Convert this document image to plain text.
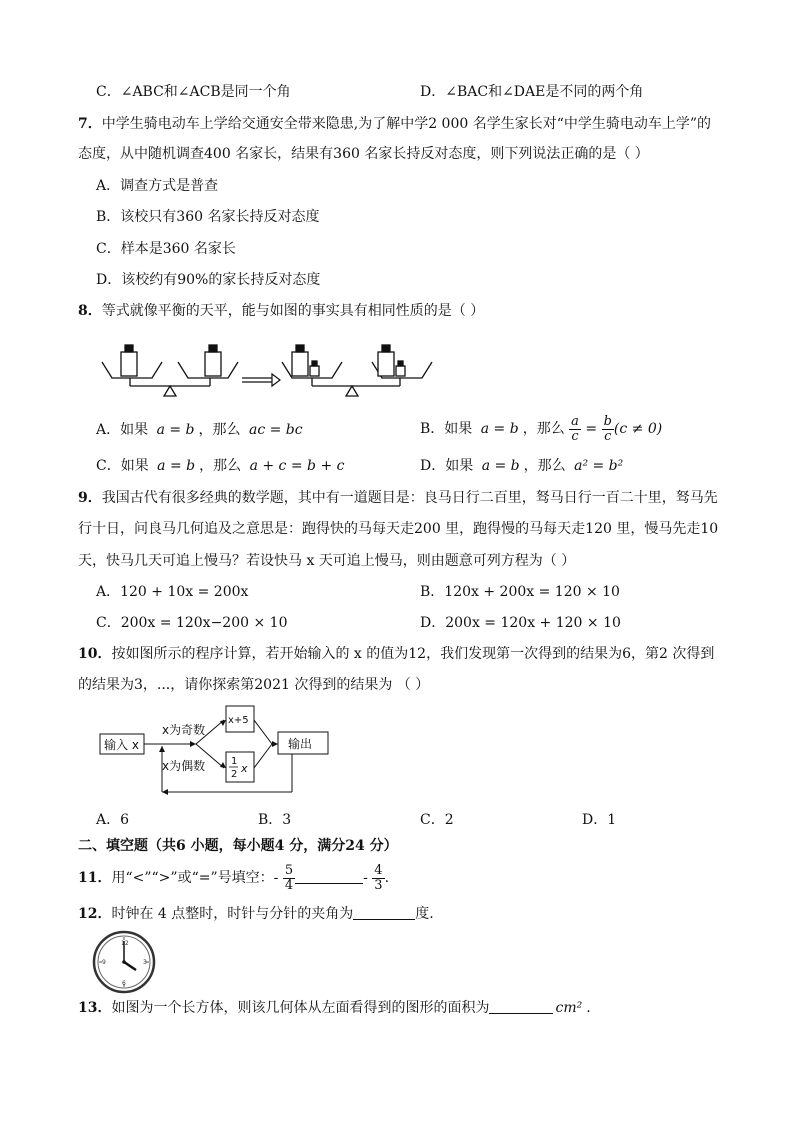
C．∠ABC和∠ACB是同一个角	D．∠BAC和∠DAE是不同的两个角
7．中学生骑电动车上学给交通安全带来隐患,为了解中学2 000 名学生家长对“中学生骑电动车上学”的
态度，从中随机调查400 名家长，结果有360 名家长持反对态度，则下列说法正确的是（ ）
A．调查方式是普查
B．该校只有360 名家长持反对态度
C．样本是360 名家长
D．该校约有90%的家长持反对态度
8．等式就像平衡的天平，能与如图的事实具有相同性质的是（ ）
A．如果 a = b ，那么 ac = bc	B．如果 a = b ，那么 $\frac{a}{c} = \frac{b}{c} (c \ne 0)$
C．如果 a = b ，那么 a + c = b + c	D．如果 a = b ，那么 a² = b²
9．我国古代有很多经典的数学题，其中有一道题目是：良马日行二百里，驽马日行一百二十里，驽马先
行十日，问良马几何追及之意思是：跑得快的马每天走200 里，跑得慢的马每天走120 里，慢马先走10
天，快马几天可追上慢马？若设快马 x 天可追上慢马，则由题意可列方程为（ ）
A．120 + 10x = 200x	B．120x + 200x = 120 × 10
C．200x = 120x−200 × 10	D．200x = 120x + 120 × 10
10．按如图所示的程序计算，若开始输入的 x 的值为12，我们发现第一次得到的结果为6，第2 次得到
的结果为3，...，请你探索第2021 次得到的结果为 （ ）
输入 x
x为奇数
x为偶数
x+5
1
2 x
输出
A．6	B．3	C．2	D．1
二、填空题（共6 小题，每小题4 分，满分24 分）
11．用“<”“>”或“=”号填空：- $\frac{5}{4}$	- $\frac{4}{3}$ .
12．时钟在 4 点整时，时针与分针的夹角为	度.
12
3
6
9
13．如图为一个长方体，则该几何体从左面看得到的图形的面积为	cm² .
